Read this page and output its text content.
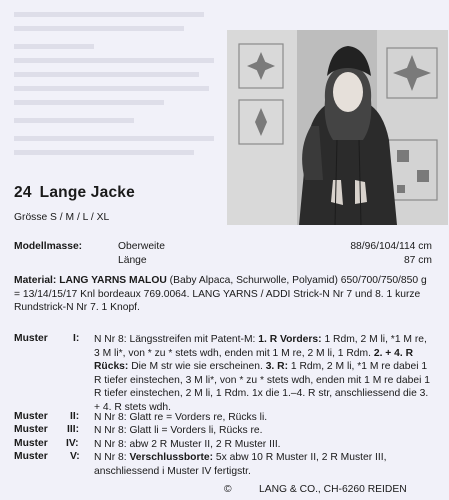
24 Lange Jacke
Grösse S / M / L / XL
Modellmasse:	Oberweite	88/96/104/114 cm
Länge	87 cm
Material: LANG YARNS MALOU (Baby Alpaca, Schurwolle, Polyamid) 650/700/750/850 g = 13/14/15/17 Knl bordeaux 769.0064. LANG YARNS / ADDI Strick-N Nr 7 und 8. 1 kurze Rundstrick-N Nr 7. 1 Knopf.
Muster I: N Nr 8: Längsstreifen mit Patent-M: 1. R Vorders: 1 Rdm, 2 M li, *1 M re, 3 M li*, von * zu * stets wdh, enden mit 1 M re, 2 M li, 1 Rdm. 2. + 4. R Rücks: Die M str wie sie erscheinen. 3. R: 1 Rdm, 2 M li, *1 M re dabei 1 R tiefer einstechen, 3 M li*, von * zu * stets wdh, enden mit 1 M re dabei 1 R tiefer einstechen, 2 M li, 1 Rdm. 1x die 1.–4. R str, anschliessend die 3. + 4. R stets wdh.
Muster II: N Nr 8: Glatt re = Vorders re, Rücks li.
Muster III: N Nr 8: Glatt li = Vorders li, Rücks re.
Muster IV: N Nr 8: abw 2 R Muster II, 2 R Muster III.
Muster V: N Nr 8: Verschlussborte: 5x abw 10 R Muster II, 2 R Muster III, anschliessend i Muster IV fertigstr.
©	LANG & CO., CH-6260 REIDEN
